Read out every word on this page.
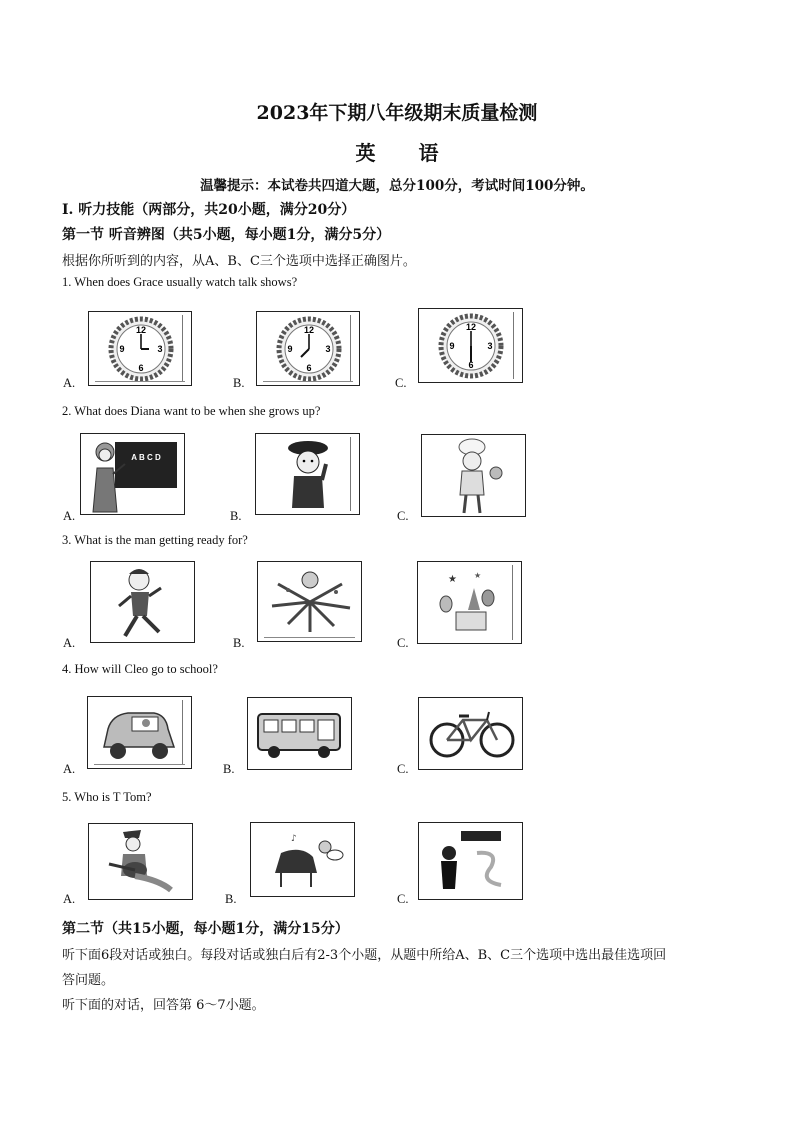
2023年下期八年级期末质量检测
英 语
温馨提示：本试卷共四道大题，总分100分，考试时间100分钟。
I. 听力技能（两部分，共20小题，满分20分）
第一节 听音辨图（共5小题，每小题1分，满分5分）
根据你所听到的内容，从A、B、C三个选项中选择正确图片。
1. When does Grace usually watch talk shows?
A.	B.	C.
12
3
6
9
12
3
6
9
12
3
6
9
2. What does Diana want to be when she grows up?
A.	B.	C.
A B C D
3. What is the man getting ready for?
A.	B.	C.
★ ★
4. How will Cleo go to school?
A.	B.	C.
5. Who is T Tom?
A.	B.	C.
♪
第二节（共15小题，每小题1分，满分15分）
听下面6段对话或独白。每段对话或独白后有2-3个小题，从题中所给A、B、C三个选项中选出最佳选项回
答问题。
听下面的对话，回答第 6～7小题。
